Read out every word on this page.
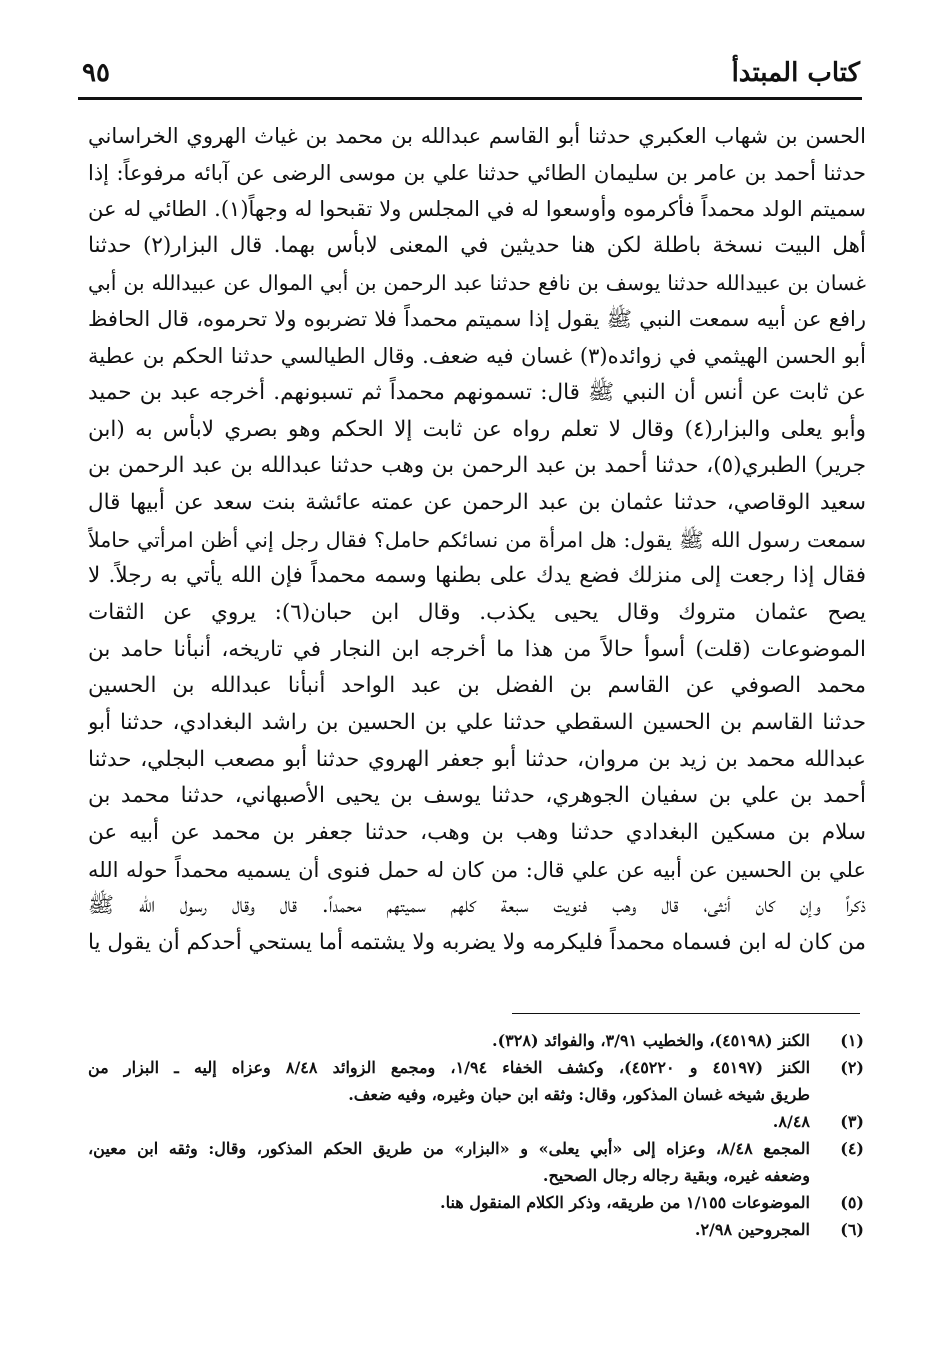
كتاب المبتدأ
٩٥
الحسن بن شهاب العكبري حدثنا أبو القاسم عبدالله بن محمد بن غياث الهروي الخراساني
حدثنا أحمد بن عامر بن سليمان الطائي حدثنا علي بن موسى الرضى عن آبائه مرفوعاً: إذا
سميتم الولد محمداً فأكرموه وأوسعوا له في المجلس ولا تقبحوا له وجهاً(١). الطائي له عن
أهل البيت نسخة باطلة لكن هنا حديثين في المعنى لابأس بهما. قال البزار(٢) حدثنا
غسان بن عبيدالله حدثنا يوسف بن نافع حدثنا عبد الرحمن بن أبي الموال عن عبيدالله بن أبي
رافع عن أبيه سمعت النبي ﷺ يقول إذا سميتم محمداً فلا تضربوه ولا تحرموه، قال الحافظ
أبو الحسن الهيثمي في زوائده(٣) غسان فيه ضعف. وقال الطيالسي حدثنا الحكم بن عطية
عن ثابت عن أنس أن النبي ﷺ قال: تسمونهم محمداً ثم تسبونهم. أخرجه عبد بن حميد
وأبو يعلى والبزار(٤) وقال لا تعلم رواه عن ثابت إلا الحكم وهو بصري لابأس به (ابن
جرير) الطبري(٥)، حدثنا أحمد بن عبد الرحمن بن وهب حدثنا عبدالله بن عبد الرحمن بن
سعيد الوقاصي، حدثنا عثمان بن عبد الرحمن عن عمته عائشة بنت سعد عن أبيها قال
سمعت رسول الله ﷺ يقول: هل امرأة من نسائكم حامل؟ فقال رجل إني أظن امرأتي حاملاً
فقال إذا رجعت إلى منزلك فضع يدك على بطنها وسمه محمداً فإن الله يأتي به رجلاً. لا
يصح عثمان متروك وقال يحيى يكذب. وقال ابن حبان(٦): يروي عن الثقات
الموضوعات (قلت) أسوأ حالاً من هذا ما أخرجه ابن النجار في تاريخه، أنبأنا حامد بن
محمد الصوفي عن القاسم بن الفضل بن عبد الواحد أنبأنا عبدالله بن الحسين
حدثنا القاسم بن الحسين السقطي حدثنا علي بن الحسين بن راشد البغدادي، حدثنا أبو
عبدالله محمد بن زيد بن مروان، حدثنا أبو جعفر الهروي حدثنا أبو مصعب البجلي، حدثنا
أحمد بن علي بن سفيان الجوهري، حدثنا يوسف بن يحيى الأصبهاني، حدثنا محمد بن
سلام بن مسكين البغدادي حدثنا وهب بن وهب، حدثنا جعفر بن محمد عن أبيه عن
علي بن الحسين عن أبيه عن علي قال: من كان له حمل فنوى أن يسميه محمداً حوله الله
ذكراً وإن كان أنثى، قال وهب فنويت سبعة كلهم سميتهم محمداً. قال وقال رسول الله ﷺ
من كان له ابن فسماه محمداً فليكرمه ولا يضربه ولا يشتمه أما يستحي أحدكم أن يقول يا
(١)
الكنز (٤٥١٩٨)، والخطيب ٣/٩١، والفوائد (٣٢٨).
(٢)
الكنز (٤٥١٩٧ و ٤٥٢٢٠)، وكشف الخفاء ١/٩٤، ومجمع الزوائد ٨/٤٨ وعزاه إليه ـ البزار من
طريق شيخه غسان المذكور، وقال: وثقه ابن حبان وغيره، وفيه ضعف.
(٣)
٨/٤٨.
(٤)
المجمع ٨/٤٨، وعزاه إلى «أبي يعلى» و «البزار» من طريق الحكم المذكور، وقال: وثقه ابن معين،
وضعفه غيره، وبقية رجاله رجال الصحيح.
(٥)
الموضوعات ١/١٥٥ من طريقه، وذكر الكلام المنقول هنا.
(٦)
المجروحين ٢/٩٨.
